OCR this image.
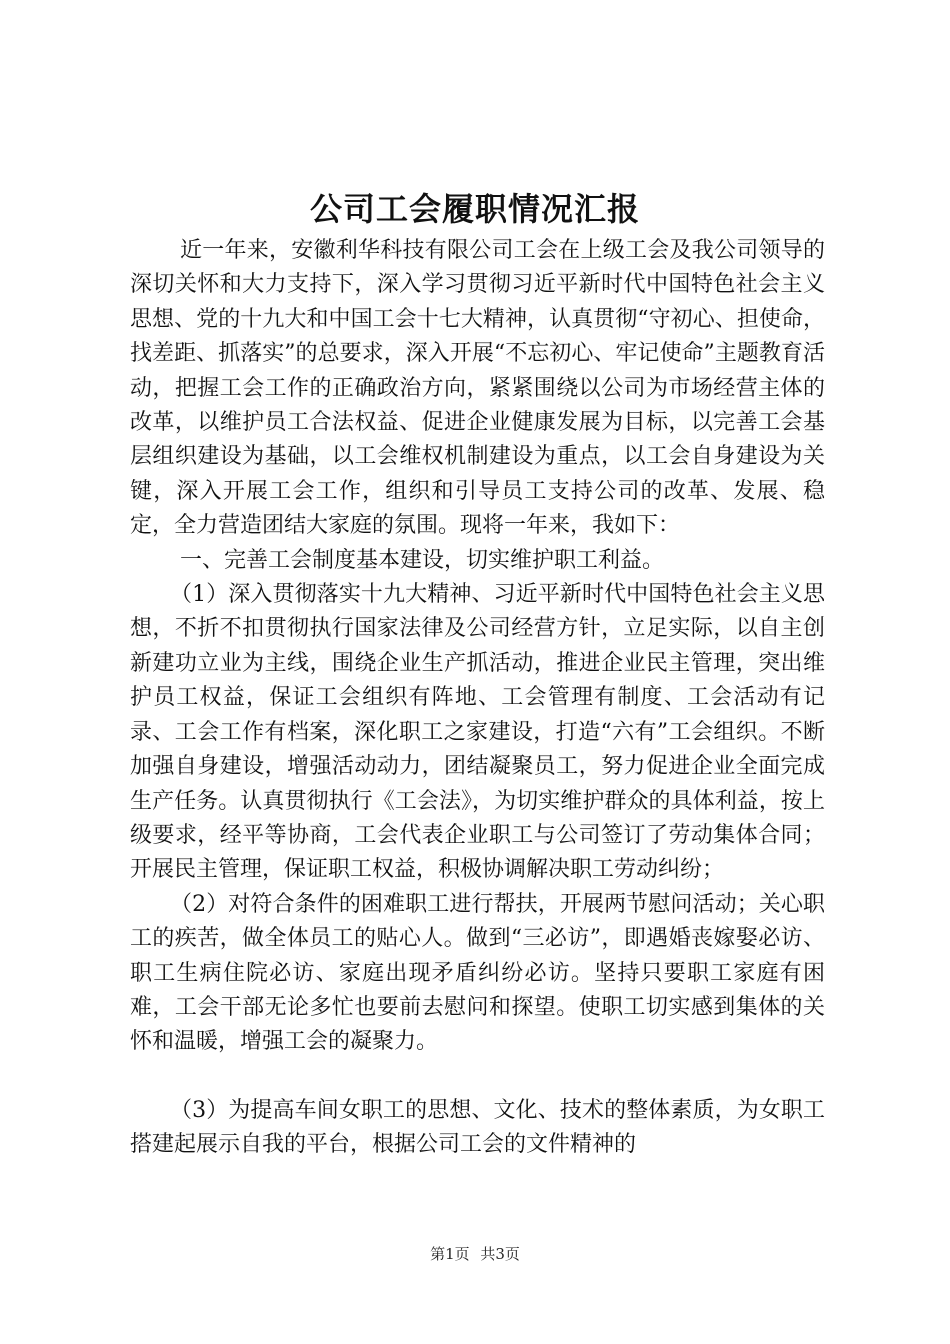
公司工会履职情况汇报

近一年来，安徽利华科技有限公司工会在上级工会及我公司领导的深切关怀和大力支持下，深入学习贯彻习近平新时代中国特色社会主义思想、党的十九大和中国工会十七大精神，认真贯彻“守初心、担使命，找差距、抓落实”的总要求，深入开展“不忘初心、牢记使命”主题教育活动，把握工会工作的正确政治方向，紧紧围绕以公司为市场经营主体的改革，以维护员工合法权益、促进企业健康发展为目标，以完善工会基层组织建设为基础，以工会维权机制建设为重点，以工会自身建设为关键，深入开展工会工作，组织和引导员工支持公司的改革、发展、稳定，全力营造团结大家庭的氛围。现将一年来，我如下：

一、完善工会制度基本建设，切实维护职工利益。

（1）深入贯彻落实十九大精神、习近平新时代中国特色社会主义思想，不折不扣贯彻执行国家法律及公司经营方针，立足实际，以自主创新建功立业为主线，围绕企业生产抓活动，推进企业民主管理，突出维护员工权益，保证工会组织有阵地、工会管理有制度、工会活动有记录、工会工作有档案，深化职工之家建设，打造“六有”工会组织。不断加强自身建设，增强活动动力，团结凝聚员工，努力促进企业全面完成生产任务。认真贯彻执行《工会法》，为切实维护群众的具体利益，按上级要求，经平等协商，工会代表企业职工与公司签订了劳动集体合同；开展民主管理，保证职工权益，积极协调解决职工劳动纠纷；

（2）对符合条件的困难职工进行帮扶，开展两节慰问活动；关心职工的疾苦，做全体员工的贴心人。做到“三必访”，即遇婚丧嫁娶必访、职工生病住院必访、家庭出现矛盾纠纷必访。坚持只要职工家庭有困难，工会干部无论多忙也要前去慰问和探望。使职工切实感到集体的关怀和温暖，增强工会的凝聚力。

（3）为提高车间女职工的思想、文化、技术的整体素质，为女职工搭建起展示自我的平台，根据公司工会的文件精神的

第1页 共3页
